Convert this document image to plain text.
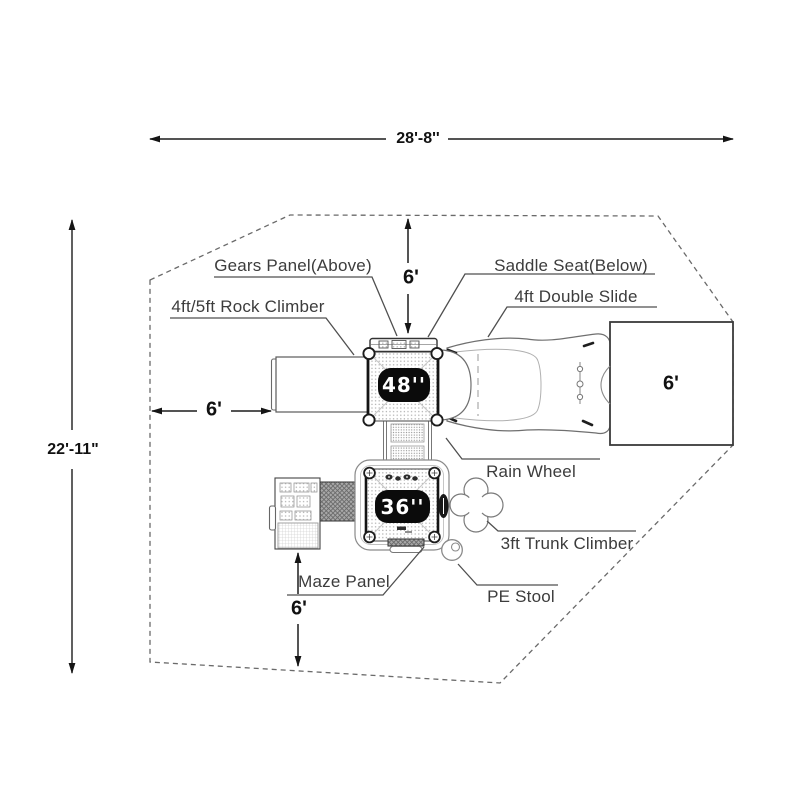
28'-8''
22'-11"
6'
6'
6'
6'
48''
36''
Gears Panel(Above)	Saddle Seat(Below)
4ft/5ft Rock Climber
4ft Double Slide
Rain Wheel
3ft Trunk Climber
Maze Panel
PE Stool
